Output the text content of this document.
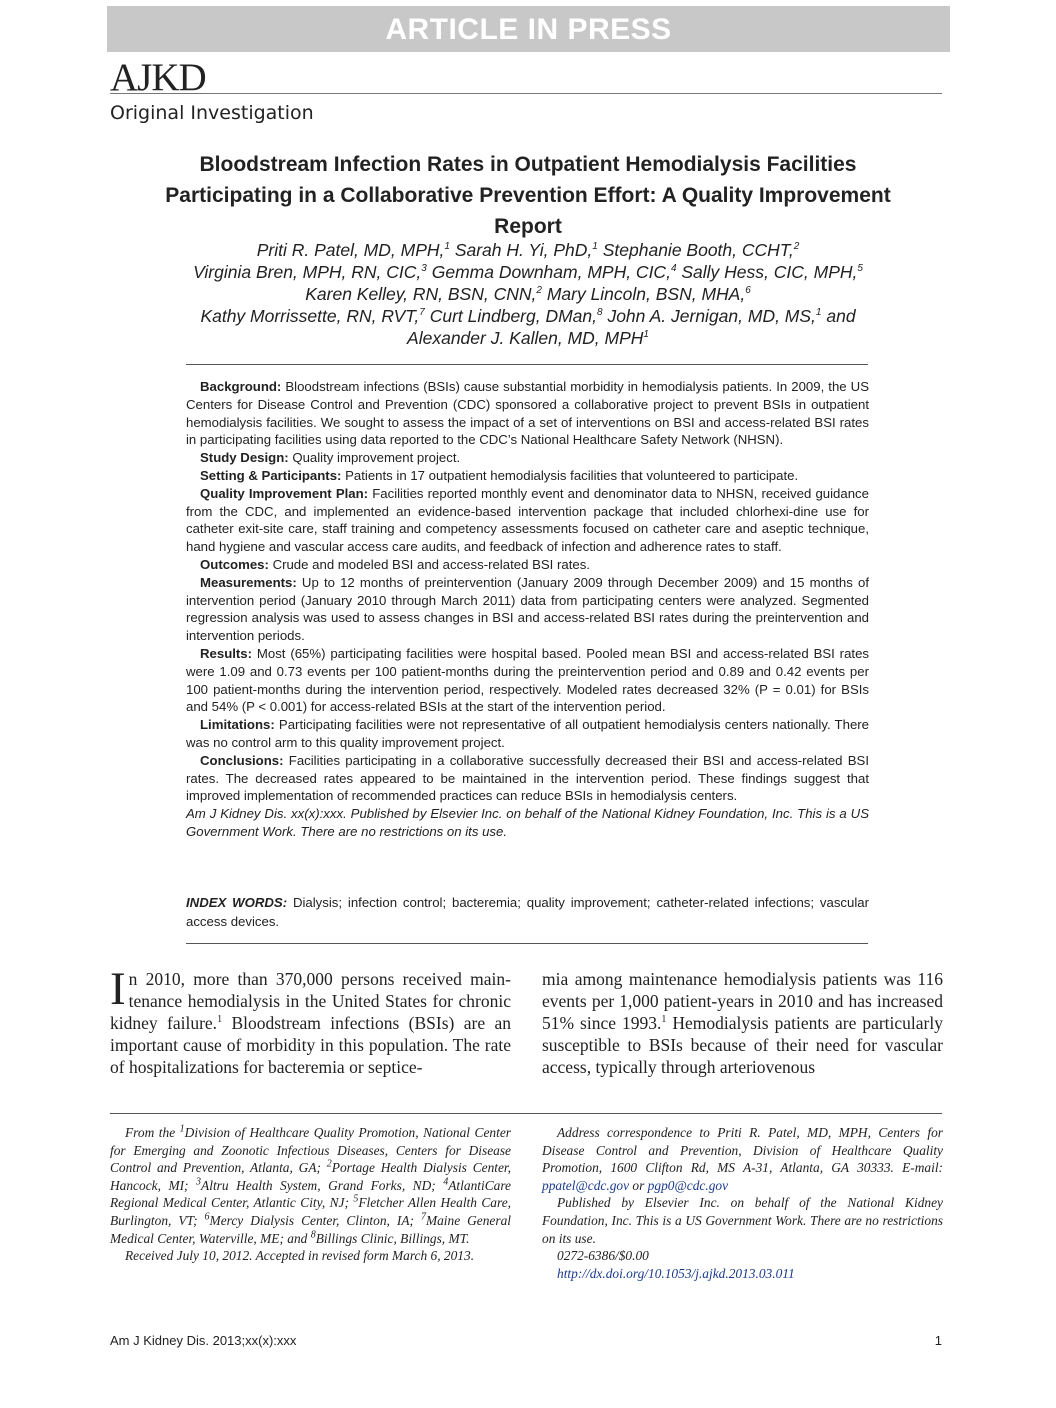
ARTICLE IN PRESS
AJKD
Original Investigation
Bloodstream Infection Rates in Outpatient Hemodialysis Facilities Participating in a Collaborative Prevention Effort: A Quality Improvement Report
Priti R. Patel, MD, MPH,$^1$ Sarah H. Yi, PhD,$^1$ Stephanie Booth, CCHT,$^2$
Virginia Bren, MPH, RN, CIC,$^3$ Gemma Downham, MPH, CIC,$^4$ Sally Hess, CIC, MPH,$^5$
Karen Kelley, RN, BSN, CNN,$^2$ Mary Lincoln, BSN, MHA,$^6$
Kathy Morrissette, RN, RVT,$^7$ Curt Lindberg, DMan,$^8$ John A. Jernigan, MD, MS,$^1$ and
Alexander J. Kallen, MD, MPH$^1$

Background: Bloodstream infections (BSIs) cause substantial morbidity in hemodialysis patients. In 2009, the US Centers for Disease Control and Prevention (CDC) sponsored a collaborative project to prevent BSIs in outpatient hemodialysis facilities. We sought to assess the impact of a set of interventions on BSI and access-related BSI rates in participating facilities using data reported to the CDC’s National Healthcare Safety Network (NHSN).

Study Design: Quality improvement project.

Setting & Participants: Patients in 17 outpatient hemodialysis facilities that volunteered to participate.

Quality Improvement Plan: Facilities reported monthly event and denominator data to NHSN, received guidance from the CDC, and implemented an evidence-based intervention package that included chlorhexi-dine use for catheter exit-site care, staff training and competency assessments focused on catheter care and aseptic technique, hand hygiene and vascular access care audits, and feedback of infection and adherence rates to staff.

Outcomes: Crude and modeled BSI and access-related BSI rates.

Measurements: Up to 12 months of preintervention (January 2009 through December 2009) and 15 months of intervention period (January 2010 through March 2011) data from participating centers were analyzed. Segmented regression analysis was used to assess changes in BSI and access-related BSI rates during the preintervention and intervention periods.

Results: Most (65%) participating facilities were hospital based. Pooled mean BSI and access-related BSI rates were 1.09 and 0.73 events per 100 patient-months during the preintervention period and 0.89 and 0.42 events per 100 patient-months during the intervention period, respectively. Modeled rates decreased 32% (P = 0.01) for BSIs and 54% (P < 0.001) for access-related BSIs at the start of the intervention period.

Limitations: Participating facilities were not representative of all outpatient hemodialysis centers nationally. There was no control arm to this quality improvement project.

Conclusions: Facilities participating in a collaborative successfully decreased their BSI and access-related BSI rates. The decreased rates appeared to be maintained in the intervention period. These findings suggest that improved implementation of recommended practices can reduce BSIs in hemodialysis centers.

Am J Kidney Dis. xx(x):xxx. Published by Elsevier Inc. on behalf of the National Kidney Foundation, Inc. This is a US Government Work. There are no restrictions on its use.

INDEX WORDS: Dialysis; infection control; bacteremia; quality improvement; catheter-related infections; vascular access devices.
In 2010, more than 370,000 persons received main-tenance hemodialysis in the United States for chronic kidney failure.$^1$ Bloodstream infections (BSIs) are an important cause of morbidity in this population. The rate of hospitalizations for bacteremia or septice-
mia among maintenance hemodialysis patients was 116 events per 1,000 patient-years in 2010 and has increased 51% since 1993.$^1$ Hemodialysis patients are particularly susceptible to BSIs because of their need for vascular access, typically through arteriovenous

From the $^1$Division of Healthcare Quality Promotion, National Center for Emerging and Zoonotic Infectious Diseases, Centers for Disease Control and Prevention, Atlanta, GA; $^2$Portage Health Dialysis Center, Hancock, MI; $^3$Altru Health System, Grand Forks, ND; $^4$AtlantiCare Regional Medical Center, Atlantic City, NJ; $^5$Fletcher Allen Health Care, Burlington, VT; $^6$Mercy Dialysis Center, Clinton, IA; $^7$Maine General Medical Center, Waterville, ME; and $^8$Billings Clinic, Billings, MT.

Received July 10, 2012. Accepted in revised form March 6, 2013.

Address correspondence to Priti R. Patel, MD, MPH, Centers for Disease Control and Prevention, Division of Healthcare Quality Promotion, 1600 Clifton Rd, MS A-31, Atlanta, GA 30333. E-mail: ppatel@cdc.gov or pgp0@cdc.gov

Published by Elsevier Inc. on behalf of the National Kidney Foundation, Inc. This is a US Government Work. There are no restrictions on its use.

0272-6386/$0.00

http://dx.doi.org/10.1053/j.ajkd.2013.03.011

Am J Kidney Dis. 2013;xx(x):xxx	1
